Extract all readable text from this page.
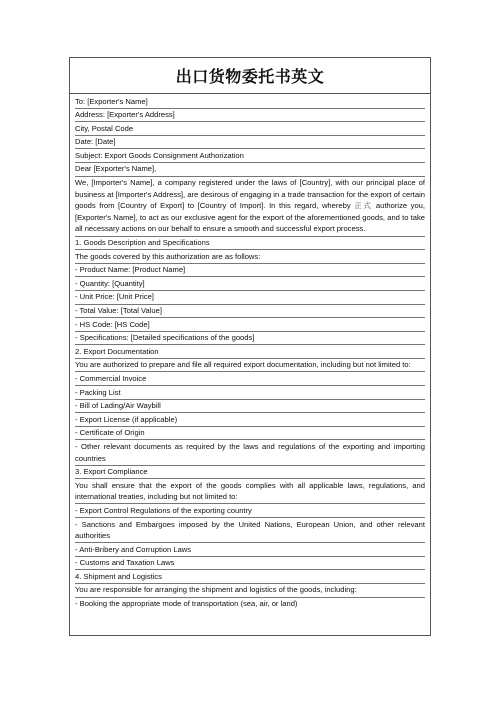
出口货物委托书英文
To: [Exporter's Name]
Address: [Exporter's Address]
City, Postal Code
Date: [Date]
Subject: Export Goods Consignment Authorization
Dear [Exporter's Name],
We, [Importer's Name], a company registered under the laws of [Country], with our principal place of business at [Importer's Address], are desirous of engaging in a trade transaction for the export of certain goods from [Country of Export] to [Country of Import]. In this regard, whereby 正式 authorize you, [Exporter's Name], to act as our exclusive agent for the export of the aforementioned goods, and to take all necessary actions on our behalf to ensure a smooth and successful export process.
1. Goods Description and Specifications
The goods covered by this authorization are as follows:
- Product Name: [Product Name]
- Quantity: [Quantity]
- Unit Price: [Unit Price]
- Total Value: [Total Value]
- HS Code: [HS Code]
- Specifications: [Detailed specifications of the goods]
2. Export Documentation
You are authorized to prepare and file all required export documentation, including but not limited to:
- Commercial Invoice
- Packing List
- Bill of Lading/Air Waybill
- Export License (if applicable)
- Certificate of Origin
- Other relevant documents as required by the laws and regulations of the exporting and importing countries
3. Export Compliance
You shall ensure that the export of the goods complies with all applicable laws, regulations, and international treaties, including but not limited to:
- Export Control Regulations of the exporting country
- Sanctions and Embargoes imposed by the United Nations, European Union, and other relevant authorities
- Anti-Bribery and Corruption Laws
- Customs and Taxation Laws
4. Shipment and Logistics
You are responsible for arranging the shipment and logistics of the goods, including:
- Booking the appropriate mode of transportation (sea, air, or land)
